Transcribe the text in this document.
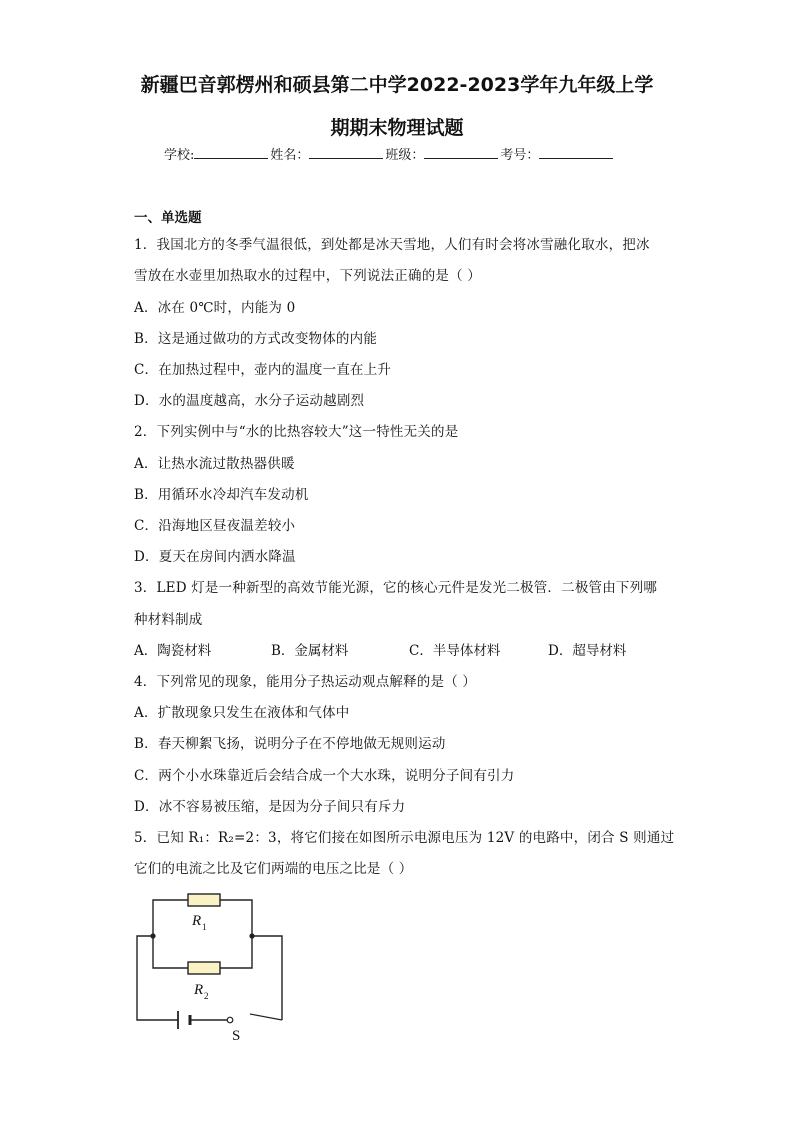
新疆巴音郭楞州和硕县第二中学2022-2023学年九年级上学
期期末物理试题
学校:	姓名：	班级：	考号：
一、单选题
1．我国北方的冬季气温很低，到处都是冰天雪地，人们有时会将冰雪融化取水，把冰
雪放在水壶里加热取水的过程中，下列说法正确的是（ ）
A．冰在 0℃时，内能为 0
B．这是通过做功的方式改变物体的内能
C．在加热过程中，壶内的温度一直在上升
D．水的温度越高，水分子运动越剧烈
2．下列实例中与“水的比热容较大”这一特性无关的是
A．让热水流过散热器供暖
B．用循环水冷却汽车发动机
C．沿海地区昼夜温差较小
D．夏天在房间内洒水降温
3．LED 灯是一种新型的高效节能光源，它的核心元件是发光二极管．二极管由下列哪
种材料制成
A．陶瓷材料	B．金属材料	C．半导体材料	D．超导材料
4．下列常见的现象，能用分子热运动观点解释的是（ ）
A．扩散现象只发生在液体和气体中
B．春天柳絮飞扬，说明分子在不停地做无规则运动
C．两个小水珠靠近后会结合成一个大水珠，说明分子间有引力
D．冰不容易被压缩，是因为分子间只有斥力
5．已知 R₁：R₂=2：3，将它们接在如图所示电源电压为 12V 的电路中，闭合 S 则通过
它们的电流之比及它们两端的电压之比是（ ）
R 1
R 2
S
